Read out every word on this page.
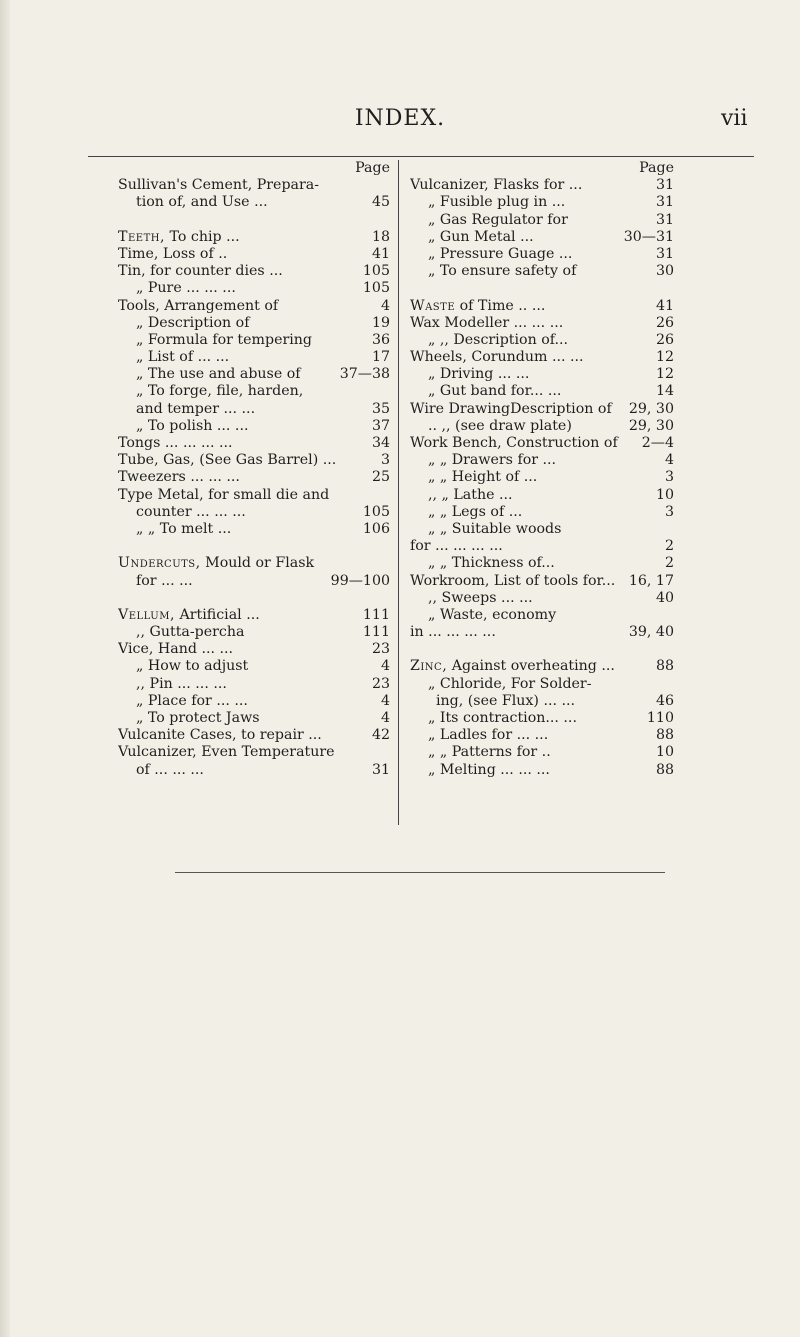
INDEX.	vii
Page
Sullivan's Cement, Prepara-
tion of, and Use ...	45
Teeth, To chip ...	18
Time, Loss of ..	41
Tin, for counter dies ...	105
„ Pure ... ... ...	105
Tools, Arrangement of	4
„ Description of	19
„ Formula for tempering	36
„ List of ... ...	17
„ The use and abuse of	37—38
„ To forge, file, harden,
and temper ... ...	35
„ To polish ... ...	37
Tongs ... ... ... ...	34
Tube, Gas, (See Gas Barrel) ...	3
Tweezers ... ... ...	25
Type Metal, for small die and
counter ... ... ...	105
„ „ To melt ...	106
Undercuts, Mould or Flask
for ... ...	99—100
Vellum, Artificial ...	111
,, Gutta-percha	111
Vice, Hand ... ...	23
„ How to adjust	4
,, Pin ... ... ...	23
„ Place for ... ...	4
„ To protect Jaws	4
Vulcanite Cases, to repair ...	42
Vulcanizer, Even Temperature
of ... ... ...	31
Page
Vulcanizer, Flasks for ...	31
„ Fusible plug in ...	31
„ Gas Regulator for	31
„ Gun Metal ...	30—31
„ Pressure Guage ...	31
„ To ensure safety of	30
Waste of Time .. ...	41
Wax Modeller ... ... ...	26
„ ,, Description of...	26
Wheels, Corundum ... ...	12
„ Driving ... ...	12
„ Gut band for... ...	14
Wire DrawingDescription of	29, 30
.. ,, (see draw plate)	29, 30
Work Bench, Construction of	2—4
„ „ Drawers for ...	4
„ „ Height of ...	3
,, „ Lathe ...	10
„ „ Legs of ...	3
„ „ Suitable woods
for ... ... ... ...	2
„ „ Thickness of...	2
Workroom, List of tools for... 16, 17
,, Sweeps ... ...	40
„ Waste, economy
in ... ... ... ...	39, 40
Zinc, Against overheating ...	88
„ Chloride, For Solder-
ing, (see Flux) ... ...	46
„ Its contraction... ...	110
„ Ladles for ... ...	88
„ „ Patterns for ..	10
„ Melting ... ... ...	88
